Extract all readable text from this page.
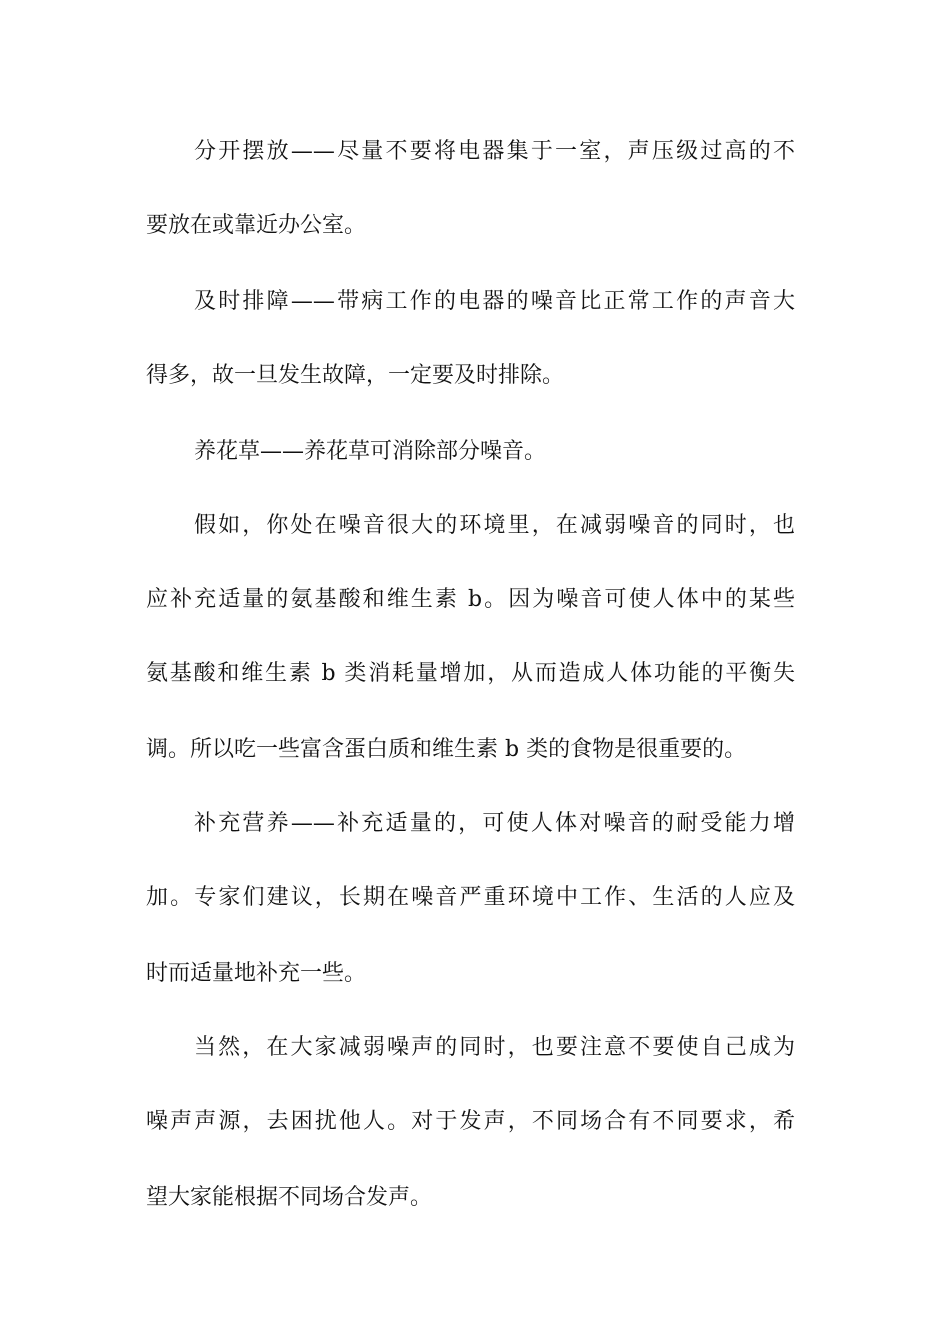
分开摆放——尽量不要将电器集于一室，声压级过高的不
要放在或靠近办公室。
及时排障——带病工作的电器的噪音比正常工作的声音大
得多，故一旦发生故障，一定要及时排除。
养花草——养花草可消除部分噪音。
假如，你处在噪音很大的环境里，在减弱噪音的同时，也
应补充适量的氨基酸和维生素 b。因为噪音可使人体中的某些
氨基酸和维生素 b 类消耗量增加，从而造成人体功能的平衡失
调。所以吃一些富含蛋白质和维生素 b 类的食物是很重要的。
补充营养——补充适量的，可使人体对噪音的耐受能力增
加。专家们建议，长期在噪音严重环境中工作、生活的人应及
时而适量地补充一些。
当然，在大家减弱噪声的同时，也要注意不要使自己成为
噪声声源，去困扰他人。对于发声，不同场合有不同要求，希
望大家能根据不同场合发声。
